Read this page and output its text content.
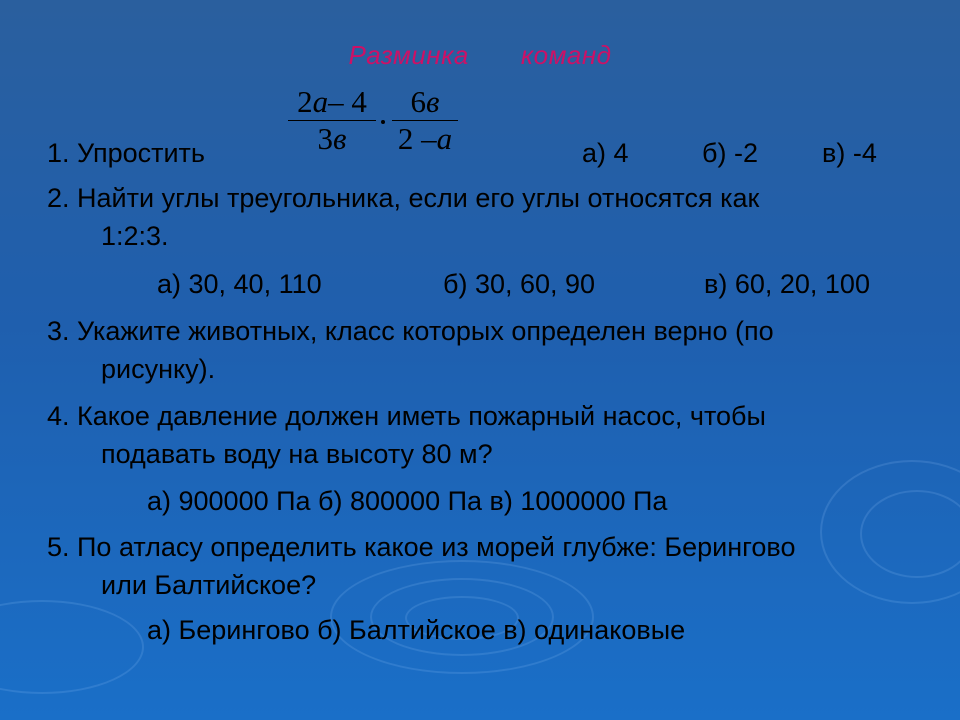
Разминка команд
1. Упростить
2a– 4
3в
6в
2 –a	а) 4	б) -2 в) -4
2. Найти углы треугольника, если его углы относятся как
1:2:3.
а) 30, 40, 110	б) 30, 60, 90	в) 60, 20, 100
3. Укажите животных, класс которых определен верно (по
рисунку).
4. Какое давление должен иметь пожарный насос, чтобы
подавать воду на высоту 80 м?
а) 900000 Па б) 800000 Па в) 1000000 Па
5. По атласу определить какое из морей глубже: Берингово
или Балтийское?
а) Берингово б) Балтийское в) одинаковые
